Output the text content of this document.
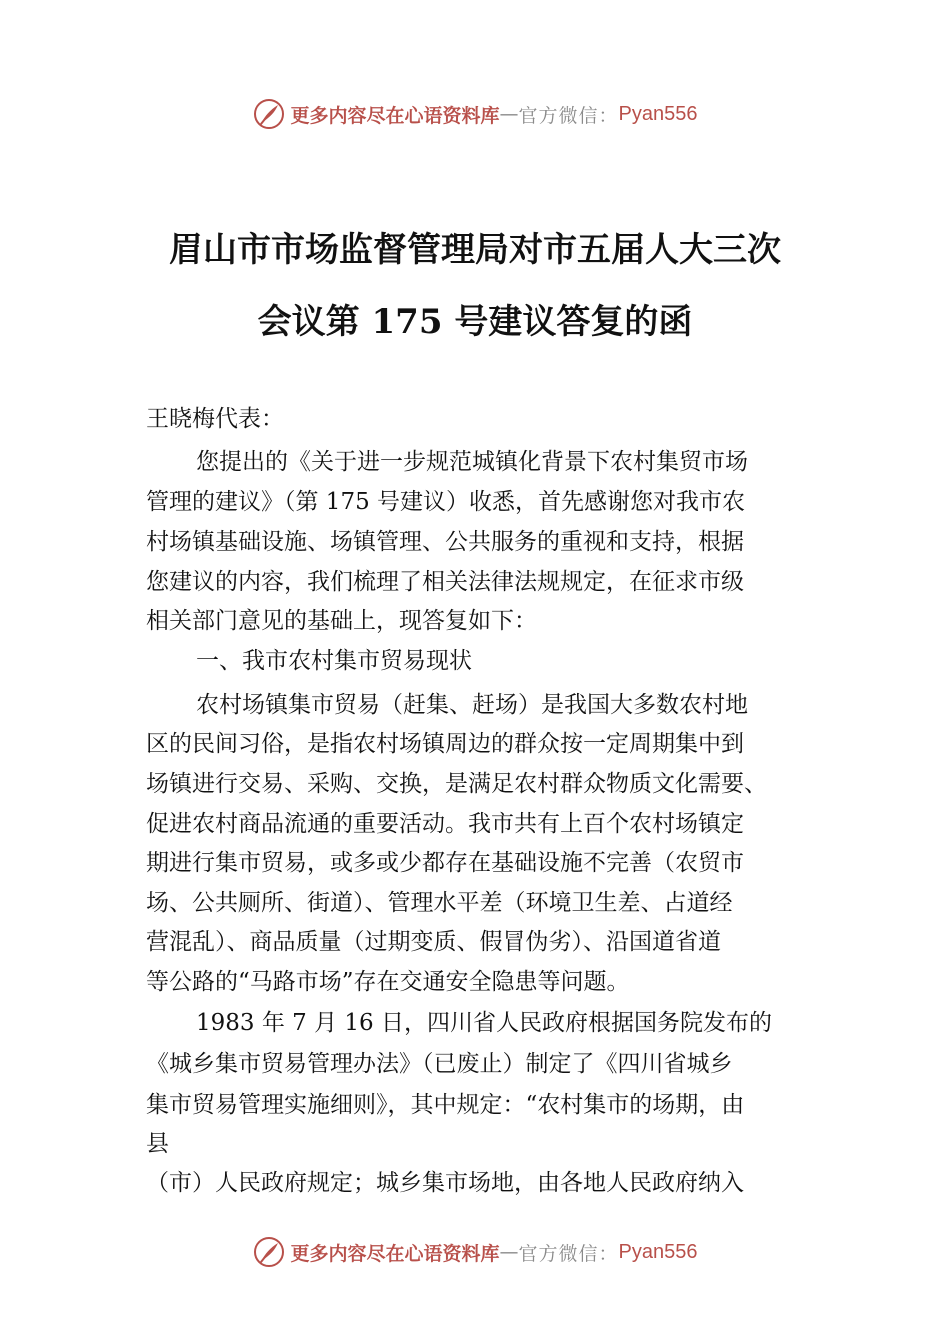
更多内容尽在心语资料库 — 官方微信： Pyan556
眉山市市场监督管理局对市五届人大三次
会议第 175 号建议答复的函
王晓梅代表：
您提出的《关于进一步规范城镇化背景下农村集贸市场
管理的建议》（第 175 号建议）收悉，首先感谢您对我市农
村场镇基础设施、场镇管理、公共服务的重视和支持，根据
您建议的内容，我们梳理了相关法律法规规定，在征求市级
相关部门意见的基础上，现答复如下：
一、我市农村集市贸易现状
农村场镇集市贸易（赶集、赶场）是我国大多数农村地
区的民间习俗，是指农村场镇周边的群众按一定周期集中到
场镇进行交易、采购、交换，是满足农村群众物质文化需要、
促进农村商品流通的重要活动。我市共有上百个农村场镇定
期进行集市贸易，或多或少都存在基础设施不完善（农贸市
场、公共厕所、街道）、管理水平差（环境卫生差、占道经
营混乱）、商品质量（过期变质、假冒伪劣）、沿国道省道
等公路的“马路市场”存在交通安全隐患等问题。
1983 年 7 月 16 日，四川省人民政府根据国务院发布的
《城乡集市贸易管理办法》（已废止）制定了《四川省城乡
集市贸易管理实施细则》，其中规定：“农村集市的场期，由
县
（市）人民政府规定；城乡集市场地，由各地人民政府纳入
更多内容尽在心语资料库 — 官方微信： Pyan556
